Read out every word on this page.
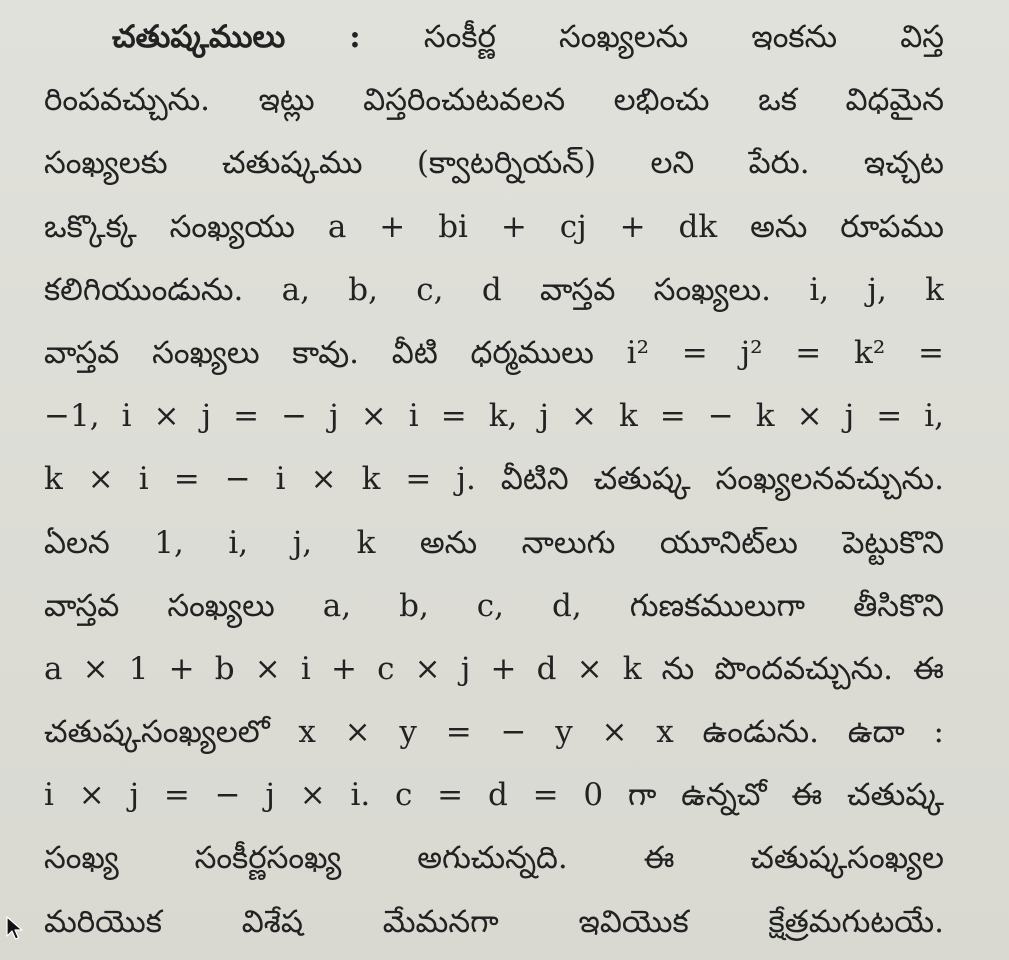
చతుష్కములు : సంకీర్ణ సంఖ్యలను ఇంకను విస్త
రింపవచ్చును. ఇట్లు విస్తరించుటవలన లభించు ఒక విధమైన
సంఖ్యలకు చతుష్కము (క్వాటర్నియన్) లని పేరు. ఇచ్చట
ఒక్కొక్క సంఖ్యయు a + bi + cj + dk అను రూపము
కలిగియుండును. a, b, c, d వాస్తవ సంఖ్యలు. i, j, k
వాస్తవ సంఖ్యలు కావు. వీటి ధర్మములు i² = j² = k² =
−1, i × j = − j × i = k, j × k = − k × j = i,
k × i = − i × k = j. వీటిని చతుష్క సంఖ్యలనవచ్చును.
ఏలన 1, i, j, k అను నాలుగు యూనిట్‌లు పెట్టుకొని
వాస్తవ సంఖ్యలు a, b, c, d, గుణకములుగా తీసికొని
a × 1 + b × i + c × j + d × k ను పొందవచ్చును. ఈ
చతుష్కసంఖ్యలలో x × y = − y × x ఉండును. ఉదా :
i × j = − j × i. c = d = 0 గా ఉన్నచో ఈ చతుష్క
సంఖ్య సంకీర్ణసంఖ్య అగుచున్నది. ఈ చతుష్కసంఖ్యల
మరియొక విశేష మేమనగా ఇవియొక క్షేత్రమగుటయే.
